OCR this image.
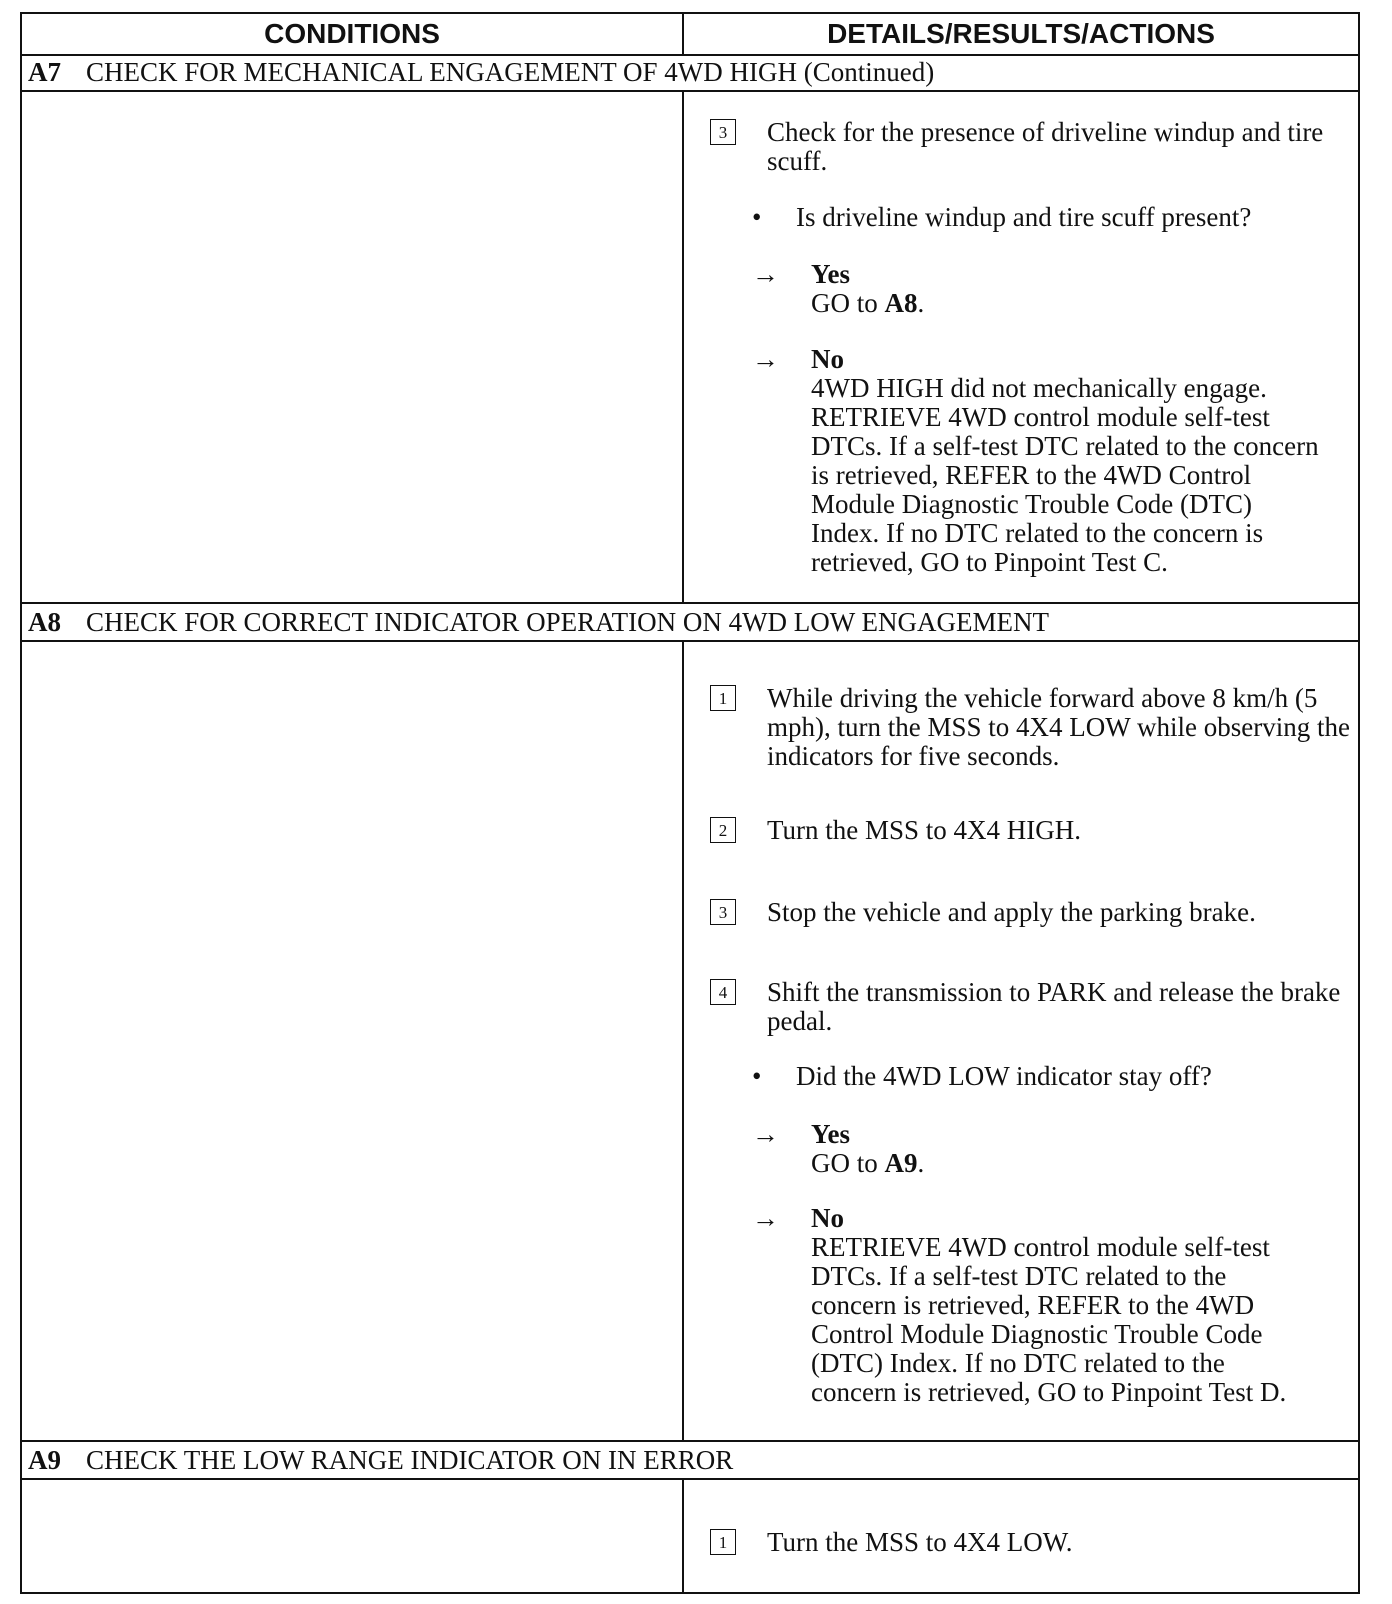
CONDITIONS	DETAILS/RESULTS/ACTIONS
A7 CHECK FOR MECHANICAL ENGAGEMENT OF 4WD HIGH (Continued)
3	Check for the presence of driveline windup and tire scuff.
• Is driveline windup and tire scuff present?
→ Yes
GO to A8.
→ No
4WD HIGH did not mechanically engage. RETRIEVE 4WD control module self-test DTCs. If a self-test DTC related to the concern is retrieved, REFER to the 4WD Control Module Diagnostic Trouble Code (DTC) Index. If no DTC related to the concern is retrieved, GO to Pinpoint Test C.
A8 CHECK FOR CORRECT INDICATOR OPERATION ON 4WD LOW ENGAGEMENT
1	While driving the vehicle forward above 8 km/h (5 mph), turn the MSS to 4X4 LOW while observing the indicators for five seconds.
2	Turn the MSS to 4X4 HIGH.
3	Stop the vehicle and apply the parking brake.
4	Shift the transmission to PARK and release the brake pedal.
• Did the 4WD LOW indicator stay off?
→ Yes
GO to A9.
→ No
RETRIEVE 4WD control module self-test DTCs. If a self-test DTC related to the concern is retrieved, REFER to the 4WD Control Module Diagnostic Trouble Code (DTC) Index. If no DTC related to the concern is retrieved, GO to Pinpoint Test D.
A9 CHECK THE LOW RANGE INDICATOR ON IN ERROR
1	Turn the MSS to 4X4 LOW.
